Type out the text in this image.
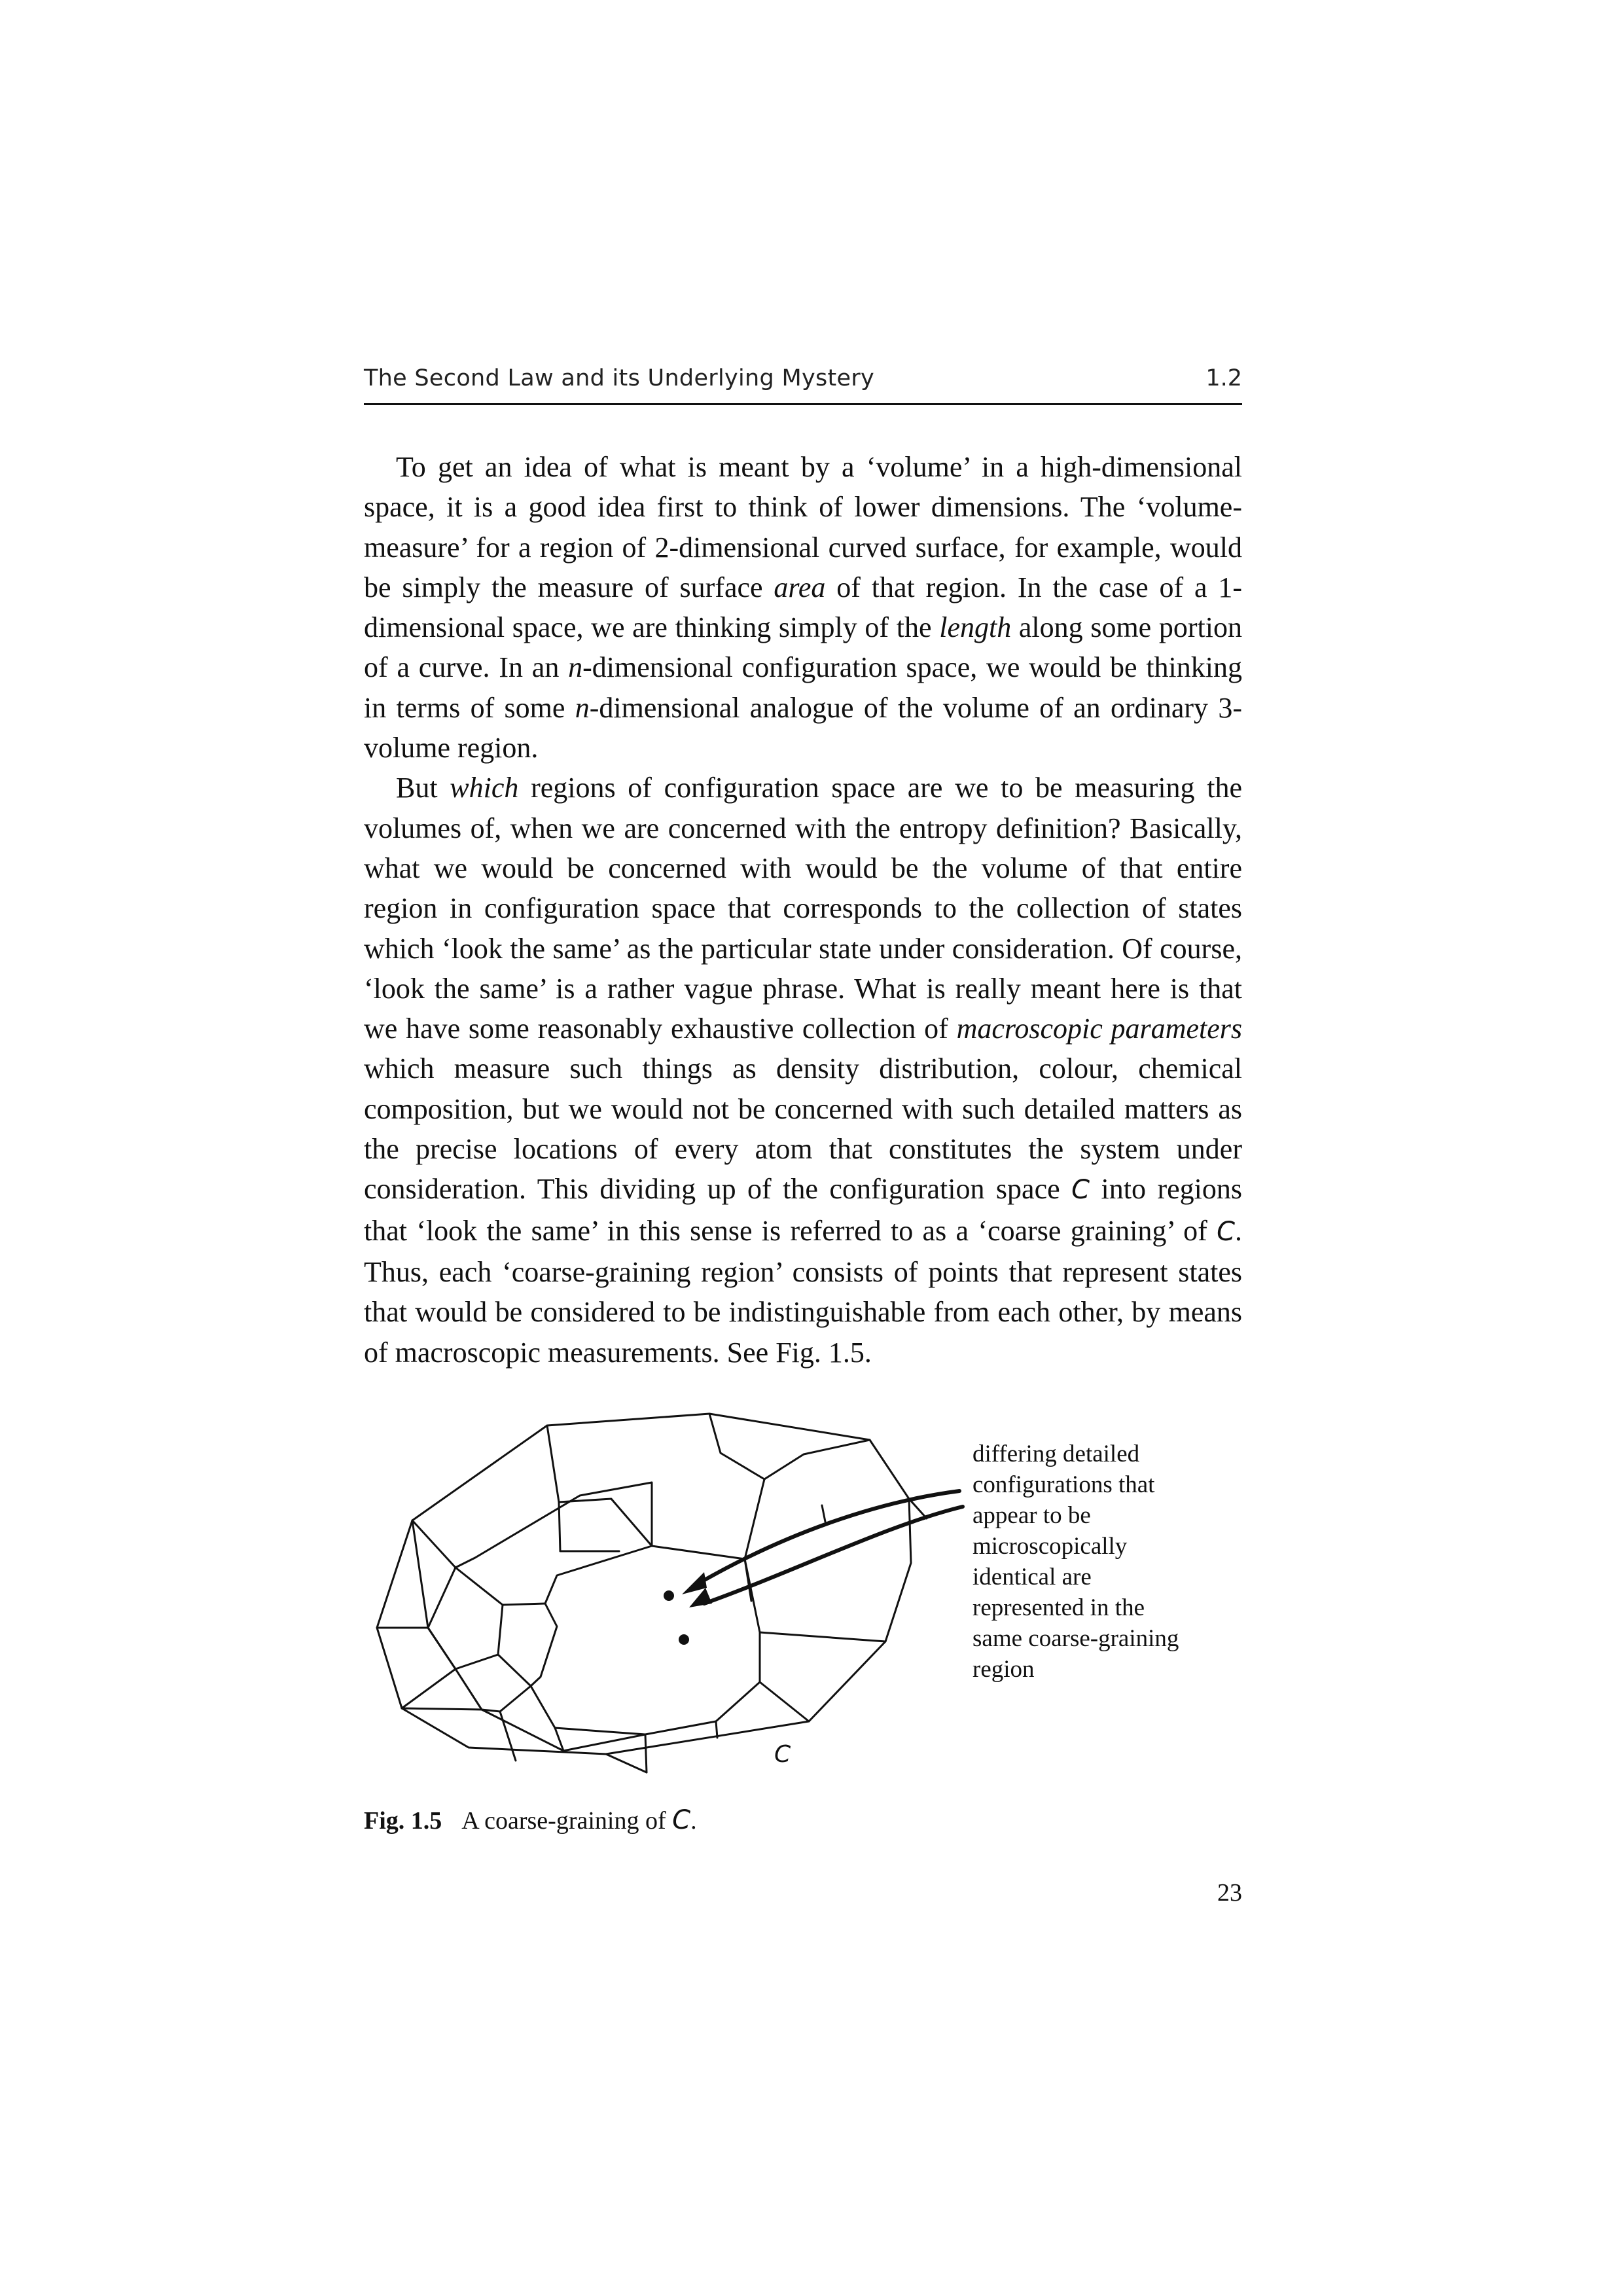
The Second Law and its Underlying Mystery	1.2

To get an idea of what is meant by a ‘volume’ in a high-dimensional space, it is a good idea first to think of lower dimensions. The ‘volume-measure’ for a region of 2-dimensional curved surface, for example, would be simply the measure of surface area of that region. In the case of a 1-dimensional space, we are thinking simply of the length along some portion of a curve. In an n-dimensional configuration space, we would be thinking in terms of some n-dimensional analogue of the volume of an ordinary 3-volume region.

But which regions of configuration space are we to be measuring the volumes of, when we are concerned with the entropy definition? Basically, what we would be concerned with would be the volume of that entire region in configuration space that corresponds to the collection of states which ‘look the same’ as the particular state under consideration. Of course, ‘look the same’ is a rather vague phrase. What is really meant here is that we have some reasonably exhaustive collection of macroscopic parameters which measure such things as density distribution, colour, chemical composition, but we would not be concerned with such detailed matters as the precise locations of every atom that constitutes the system under consideration. This dividing up of the configuration space C into regions that ‘look the same’ in this sense is referred to as a ‘coarse graining’ of C. Thus, each ‘coarse-graining region’ consists of points that represent states that would be considered to be indistinguishable from each other, by means of macroscopic measurements. See Fig. 1.5.

differing detailed
configurations that
appear to be
microscopically
identical are
represented in the
same coarse-graining
region
C
Fig. 1.5 A coarse-graining of C.
23
